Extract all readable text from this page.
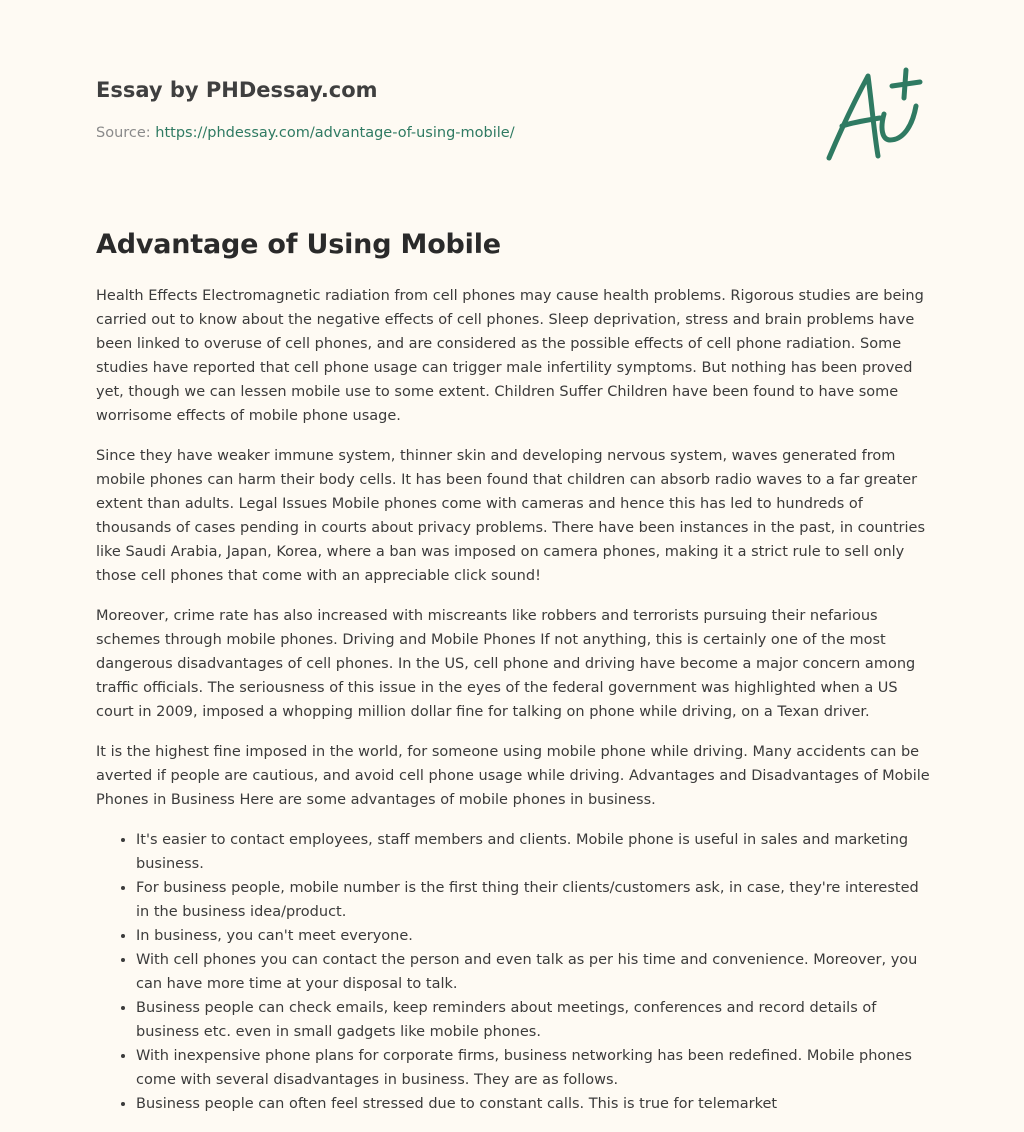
Essay by PHDessay.com
Source: https://phdessay.com/advantage-of-using-mobile/
Advantage of Using Mobile

Health Effects Electromagnetic radiation from cell phones may cause health problems. Rigorous studies are being carried out to know about the negative effects of cell phones. Sleep deprivation, stress and brain problems have been linked to overuse of cell phones, and are considered as the possible effects of cell phone radiation. Some studies have reported that cell phone usage can trigger male infertility symptoms. But nothing has been proved yet, though we can lessen mobile use to some extent. Children Suffer Children have been found to have some worrisome effects of mobile phone usage.

Since they have weaker immune system, thinner skin and developing nervous system, waves generated from mobile phones can harm their body cells. It has been found that children can absorb radio waves to a far greater extent than adults. Legal Issues Mobile phones come with cameras and hence this has led to hundreds of thousands of cases pending in courts about privacy problems. There have been instances in the past, in countries like Saudi Arabia, Japan, Korea, where a ban was imposed on camera phones, making it a strict rule to sell only those cell phones that come with an appreciable click sound!

Moreover, crime rate has also increased with miscreants like robbers and terrorists pursuing their nefarious schemes through mobile phones. Driving and Mobile Phones If not anything, this is certainly one of the most dangerous disadvantages of cell phones. In the US, cell phone and driving have become a major concern among traffic officials. The seriousness of this issue in the eyes of the federal government was highlighted when a US court in 2009, imposed a whopping million dollar fine for talking on phone while driving, on a Texan driver.

It is the highest fine imposed in the world, for someone using mobile phone while driving. Many accidents can be averted if people are cautious, and avoid cell phone usage while driving. Advantages and Disadvantages of Mobile Phones in Business Here are some advantages of mobile phones in business.

• It's easier to contact employees, staff members and clients. Mobile phone is useful in sales and marketing business.
• For business people, mobile number is the first thing their clients/customers ask, in case, they're interested in the business idea/product.
• In business, you can't meet everyone.
• With cell phones you can contact the person and even talk as per his time and convenience. Moreover, you can have more time at your disposal to talk.
• Business people can check emails, keep reminders about meetings, conferences and record details of business etc. even in small gadgets like mobile phones.
• With inexpensive phone plans for corporate firms, business networking has been redefined. Mobile phones come with several disadvantages in business. They are as follows.
• Business people can often feel stressed due to constant calls. This is true for telemarket
